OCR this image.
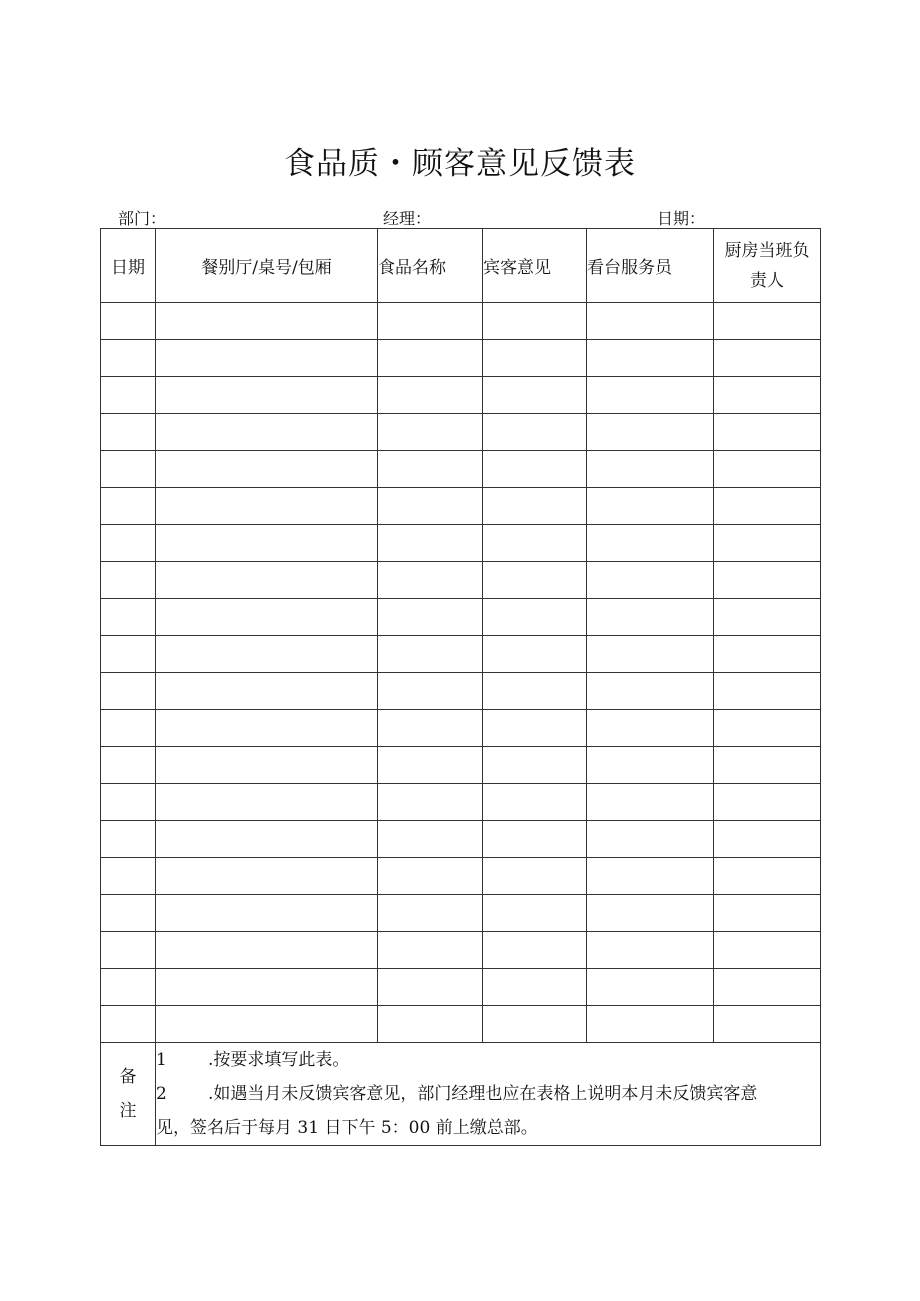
食品质・顾客意见反馈表
部门：	经理：	日期：
日期	餐别厅/桌号/包厢	食品名称	宾客意见	看台服务员	厨房当班负
责人

备
注	1 .按要求填写此表。
2 .如遇当月未反馈宾客意见，部门经理也应在表格上说明本月未反馈宾客意
见，签名后于每月 31 日下午 5：00 前上缴总部。				
